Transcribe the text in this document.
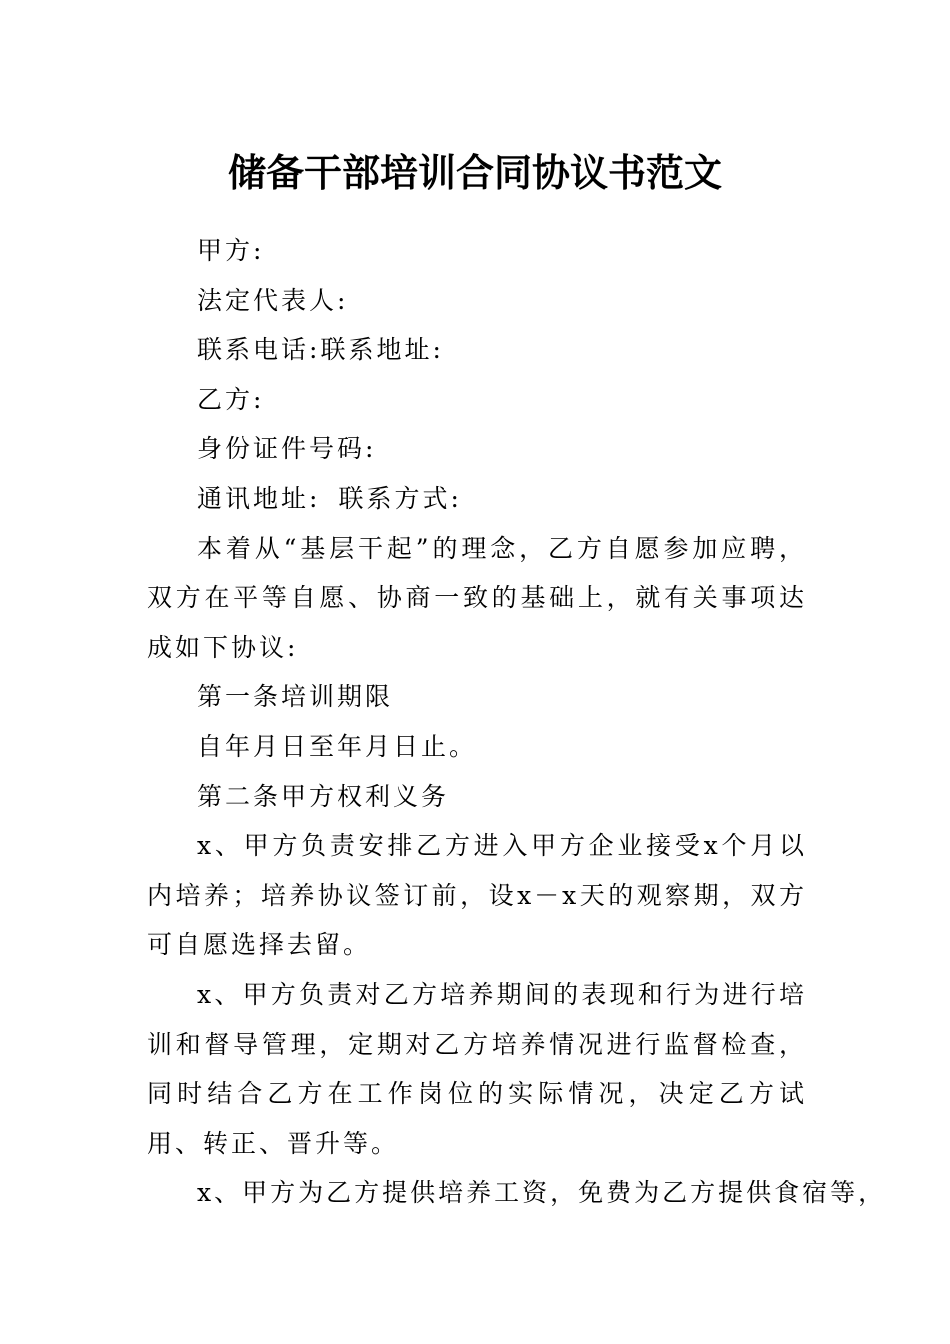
储备干部培训合同协议书范文
甲方:
法定代表人:
联系电话:联系地址:
乙方:
身份证件号码:
通讯地址: 联系方式:
本着从“基层干起”的理念，乙方自愿参加应聘，双方在平等自愿、协商一致的基础上，就有关事项达成如下协议:
第一条培训期限
自年月日至年月日止。
第二条甲方权利义务
x、甲方负责安排乙方进入甲方企业接受x个月以内培养；培养协议签订前，设x－x天的观察期，双方可自愿选择去留。
x、甲方负责对乙方培养期间的表现和行为进行培训和督导管理，定期对乙方培养情况进行监督检查，同时结合乙方在工作岗位的实际情况，决定乙方试用、转正、晋升等。
x、甲方为乙方提供培养工资，免费为乙方提供食宿等，
